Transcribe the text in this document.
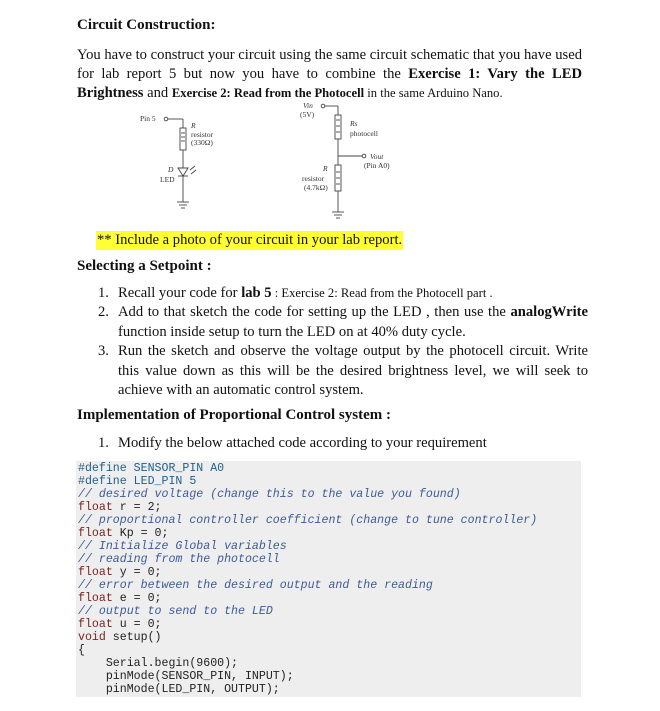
Circuit Construction:
You have to construct your circuit using the same circuit schematic that you have used for lab report 5 but now you have to combine the Exercise 1: Vary the LED Brightness and Exercise 2: Read from the Photocell in the same Arduino Nano.
Pin 5
R
resistor
(330Ω)
D
LED
Vin
(5V)
Rs
photocell
Vout
(Pin A0)
R
resistor
(4.7kΩ)
** Include a photo of your circuit in your lab report.
Selecting a Setpoint :
1. Recall your code for lab 5 : Exercise 2: Read from the Photocell part .
2. Add to that sketch the code for setting up the LED , then use the analogWrite function inside setup to turn the LED on at 40% duty cycle.
3. Run the sketch and observe the voltage output by the photocell circuit. Write this value down as this will be the desired brightness level, we will seek to achieve with an automatic control system.
Implementation of Proportional Control system :
1. Modify the below attached code according to your requirement
#define SENSOR_PIN A0
#define LED_PIN 5
// desired voltage (change this to the value you found)
float r = 2;
// proportional controller coefficient (change to tune controller)
float Kp = 0;
// Initialize Global variables
// reading from the photocell
float y = 0;
// error between the desired output and the reading
float e = 0;
// output to send to the LED
float u = 0;
void setup()
{
Serial.begin(9600);
pinMode(SENSOR_PIN, INPUT);
pinMode(LED_PIN, OUTPUT);
